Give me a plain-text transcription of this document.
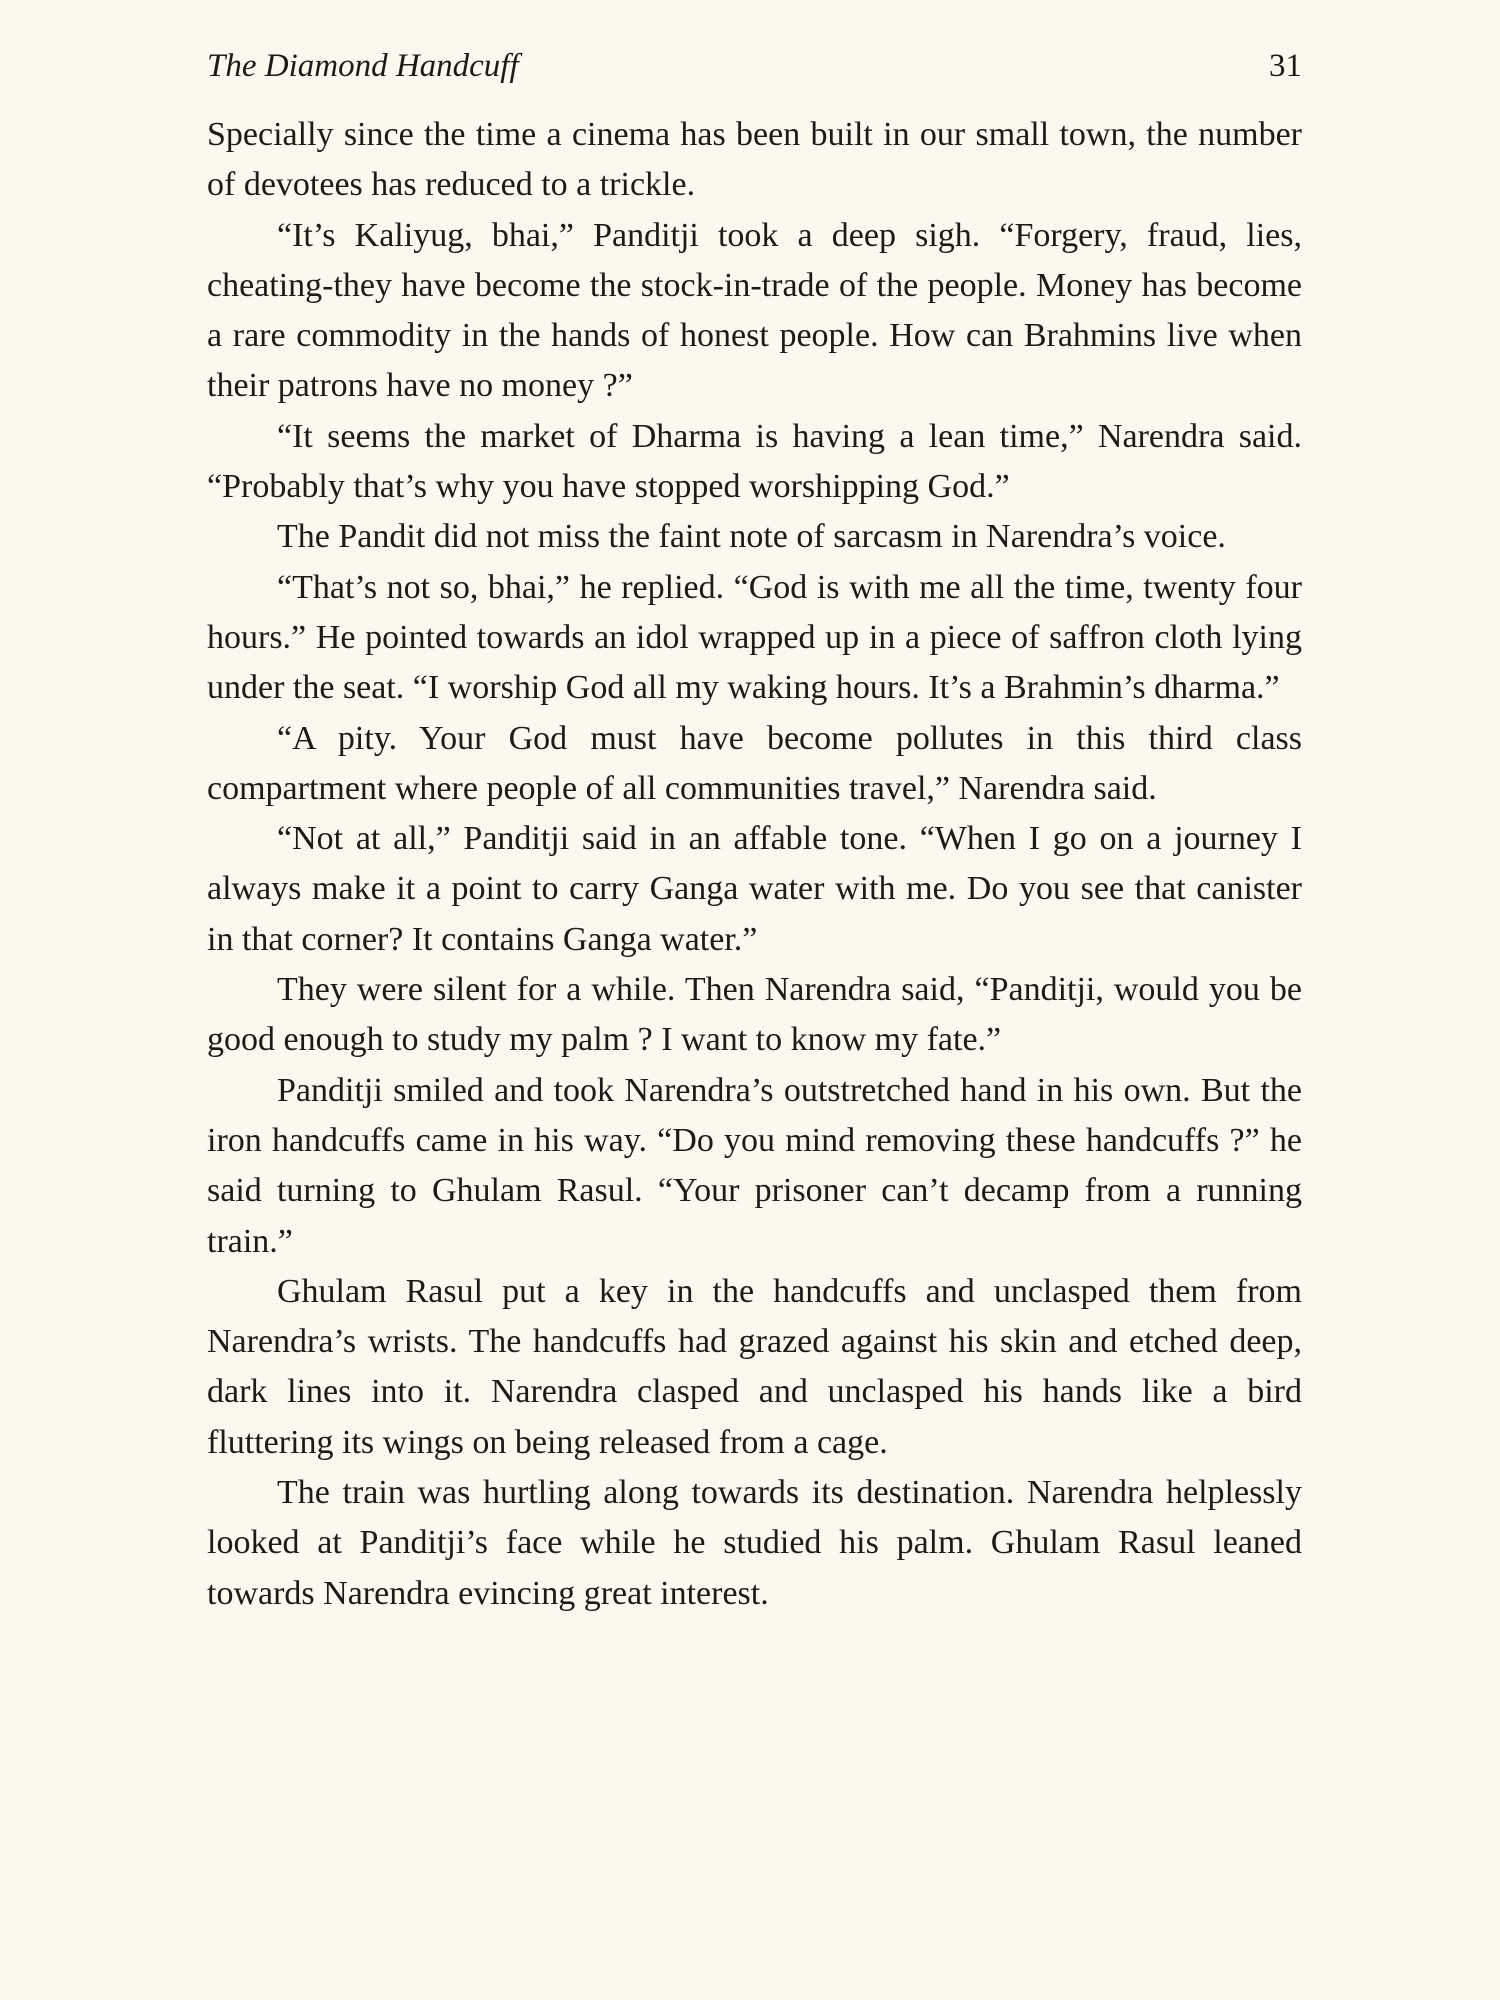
The Diamond Handcuff	31

Specially since the time a cinema has been built in our small town, the number of devotees has reduced to a trickle.

“It’s Kaliyug, bhai,” Panditji took a deep sigh. “Forgery, fraud, lies, cheating-they have become the stock-in-trade of the people. Money has become a rare commodity in the hands of honest people. How can Brahmins live when their patrons have no money ?”

“It seems the market of Dharma is having a lean time,” Narendra said. “Probably that’s why you have stopped worshipping God.”

The Pandit did not miss the faint note of sarcasm in Narendra’s voice.

“That’s not so, bhai,” he replied. “God is with me all the time, twenty four hours.” He pointed towards an idol wrapped up in a piece of saffron cloth lying under the seat. “I worship God all my waking hours. It’s a Brahmin’s dharma.”

“A pity. Your God must have become pollutes in this third class compartment where people of all communities travel,” Narendra said.

“Not at all,” Panditji said in an affable tone. “When I go on a journey I always make it a point to carry Ganga water with me. Do you see that canister in that corner? It contains Ganga water.”

They were silent for a while. Then Narendra said, “Panditji, would you be good enough to study my palm ? I want to know my fate.”

Panditji smiled and took Narendra’s outstretched hand in his own. But the iron handcuffs came in his way. “Do you mind removing these handcuffs ?” he said turning to Ghulam Rasul. “Your prisoner can’t decamp from a running train.”

Ghulam Rasul put a key in the handcuffs and unclasped them from Narendra’s wrists. The handcuffs had grazed against his skin and etched deep, dark lines into it. Narendra clasped and unclasped his hands like a bird fluttering its wings on being released from a cage.

The train was hurtling along towards its destination. Narendra helplessly looked at Panditji’s face while he studied his palm. Ghulam Rasul leaned towards Narendra evincing great interest.
